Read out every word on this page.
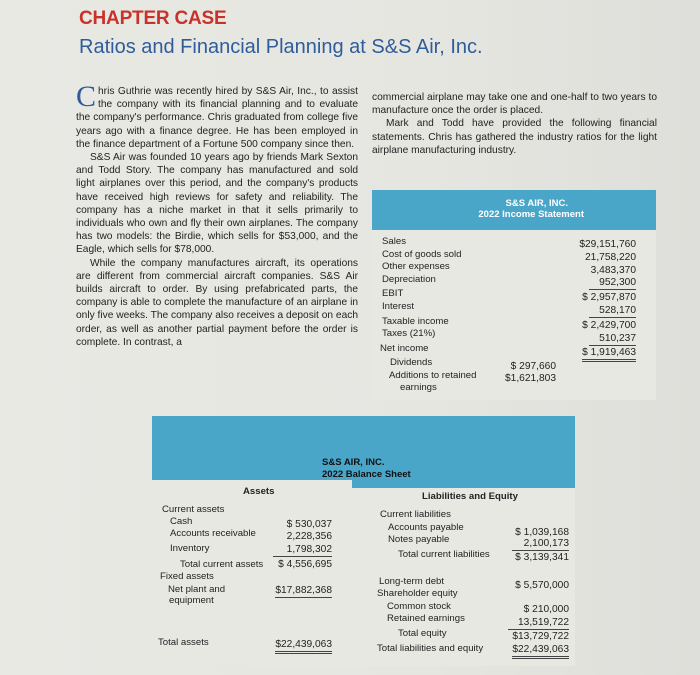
CHAPTER CASE
Ratios and Financial Planning at S&S Air, Inc.

Chris Guthrie was recently hired by S&S Air, Inc., to assist the company with its financial planning and to evaluate the company's performance. Chris graduated from college five years ago with a finance degree. He has been employed in the finance department of a Fortune 500 company since then.

S&S Air was founded 10 years ago by friends Mark Sexton and Todd Story. The company has manufactured and sold light airplanes over this period, and the company's products have received high reviews for safety and reliability. The company has a niche market in that it sells primarily to individuals who own and fly their own airplanes. The company has two models: the Birdie, which sells for $53,000, and the Eagle, which sells for $78,000.

While the company manufactures aircraft, its operations are different from commercial aircraft companies. S&S Air builds aircraft to order. By using prefabricated parts, the company is able to complete the manufacture of an airplane in only five weeks. The company also receives a deposit on each order, as well as another partial payment before the order is complete. In contrast, a

commercial airplane may take one and one-half to two years to manufacture once the order is placed.

Mark and Todd have provided the following financial statements. Chris has gathered the industry ratios for the light airplane manufacturing industry.

S&S AIR, INC.
2022 Income Statement
Sales
Cost of goods sold
Other expenses
Depreciation
EBIT
Interest
Taxable income
Taxes (21%)
Net income
Dividends
Additions to retained
earnings
$29,151,760
21,758,220
3,483,370
952,300
$ 2,957,870
528,170
$ 2,429,700
510,237
$ 1,919,463
$ 297,660
$1,621,803
S&S AIR, INC.
2022 Balance Sheet
Assets	Liabilities and Equity
Current assets
Cash
Accounts receivable
Inventory
Total current assets
Fixed assets
Net plant and
equipment
Total assets
$ 530,037
2,228,356
1,798,302
$ 4,556,695
$17,882,368
$22,439,063
Current liabilities
Accounts payable
Notes payable
Total current liabilities
Long-term debt
Shareholder equity
Common stock
Retained earnings
Total equity
Total liabilities and equity
$ 1,039,168
2,100,173
$ 3,139,341
$ 5,570,000
$ 210,000
13,519,722
$13,729,722
$22,439,063
